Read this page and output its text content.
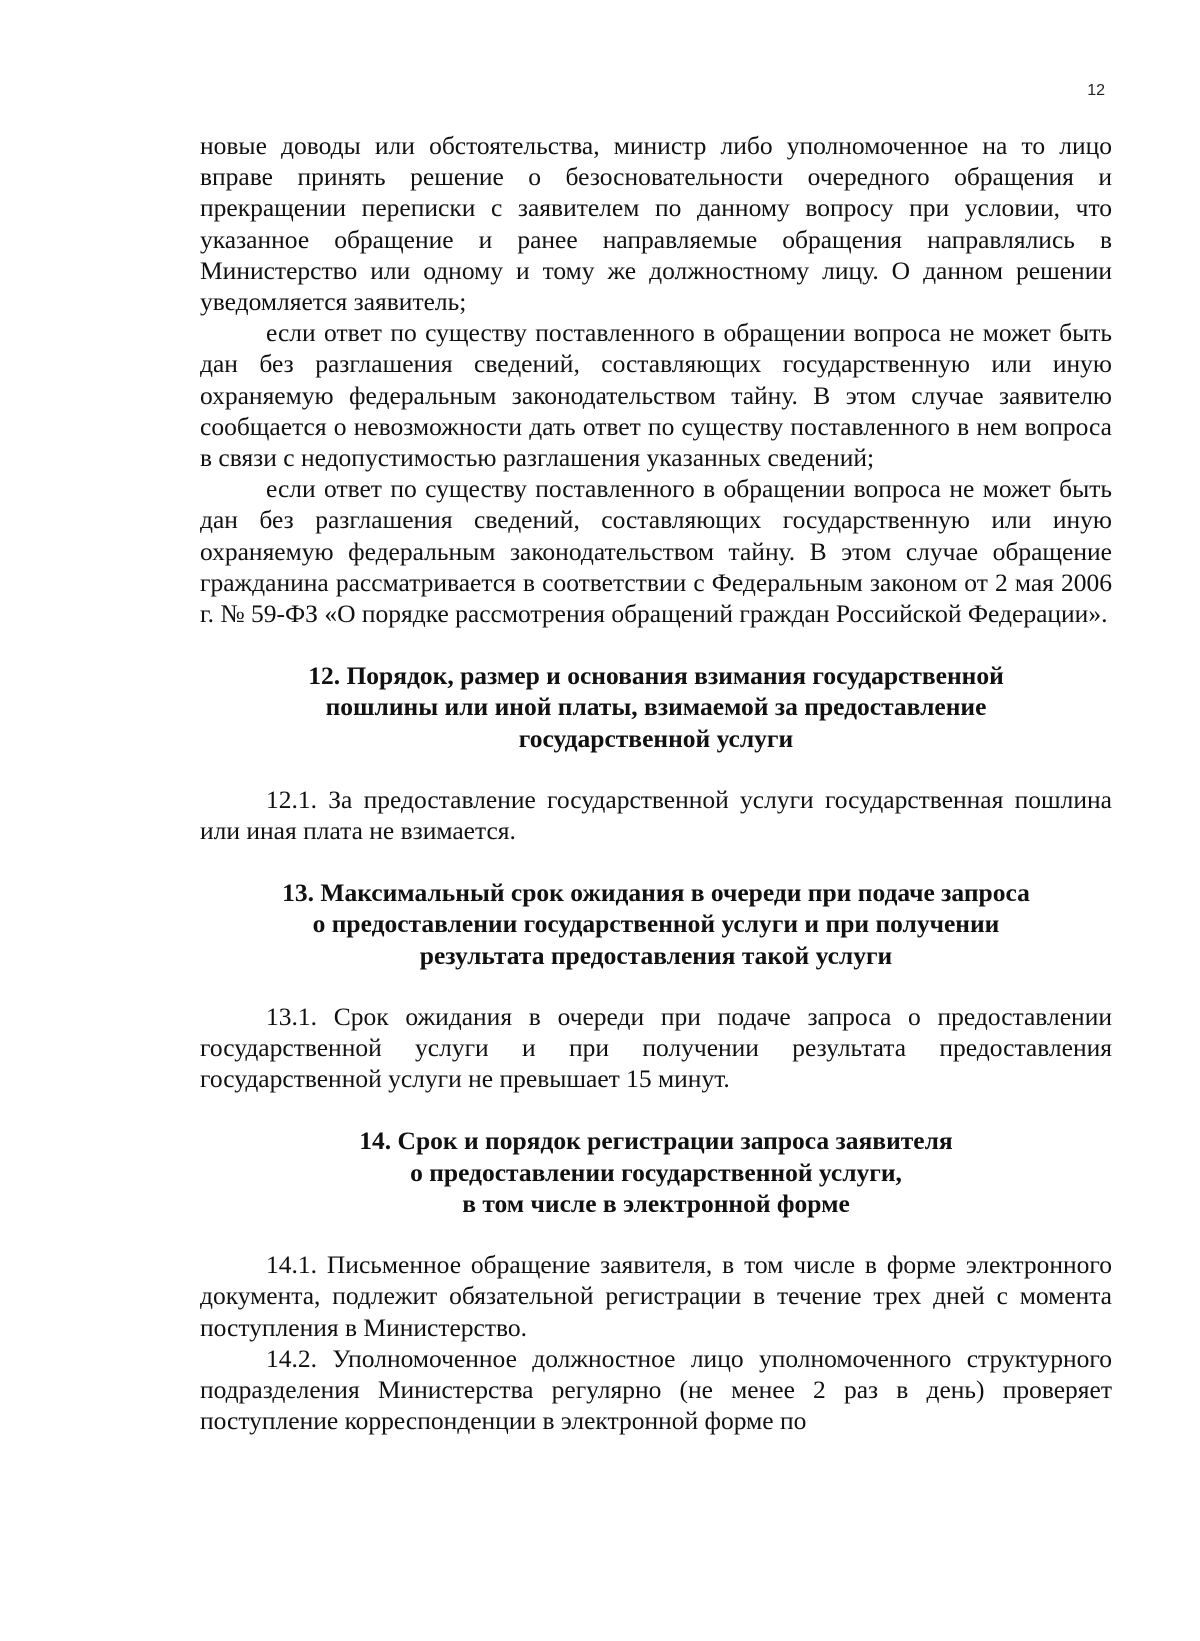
12

новые доводы или обстоятельства, министр либо уполномоченное на то лицо вправе принять решение о безосновательности очередного обращения и прекращении переписки с заявителем по данному вопросу при условии, что указанное обращение и ранее направляемые обращения направлялись в Министерство или одному и тому же должностному лицу. О данном решении уведомляется заявитель;

если ответ по существу поставленного в обращении вопроса не может быть дан без разглашения сведений, составляющих государственную или иную охраняемую федеральным законодательством тайну. В этом случае заявителю сообщается о невозможности дать ответ по существу поставленного в нем вопроса в связи с недопустимостью разглашения указанных сведений;

если ответ по существу поставленного в обращении вопроса не может быть дан без разглашения сведений, составляющих государственную или иную охраняемую федеральным законодательством тайну. В этом случае обращение гражданина рассматривается в соответствии с Федеральным законом от 2 мая 2006 г. № 59-ФЗ «О порядке рассмотрения обращений граждан Российской Федерации».

12. Порядок, размер и основания взимания государственной
пошлины или иной платы, взимаемой за предоставление
государственной услуги

12.1. За предоставление государственной услуги государственная пошлина или иная плата не взимается.

13. Максимальный срок ожидания в очереди при подаче запроса
о предоставлении государственной услуги и при получении
результата предоставления такой услуги

13.1. Срок ожидания в очереди при подаче запроса о предоставлении государственной услуги и при получении результата предоставления государственной услуги не превышает 15 минут.

14. Срок и порядок регистрации запроса заявителя
о предоставлении государственной услуги,
в том числе в электронной форме

14.1. Письменное обращение заявителя, в том числе в форме электронного документа, подлежит обязательной регистрации в течение трех дней с момента поступления в Министерство.

14.2. Уполномоченное должностное лицо уполномоченного структурного подразделения Министерства регулярно (не менее 2 раз в день) проверяет поступление корреспонденции в электронной форме по
